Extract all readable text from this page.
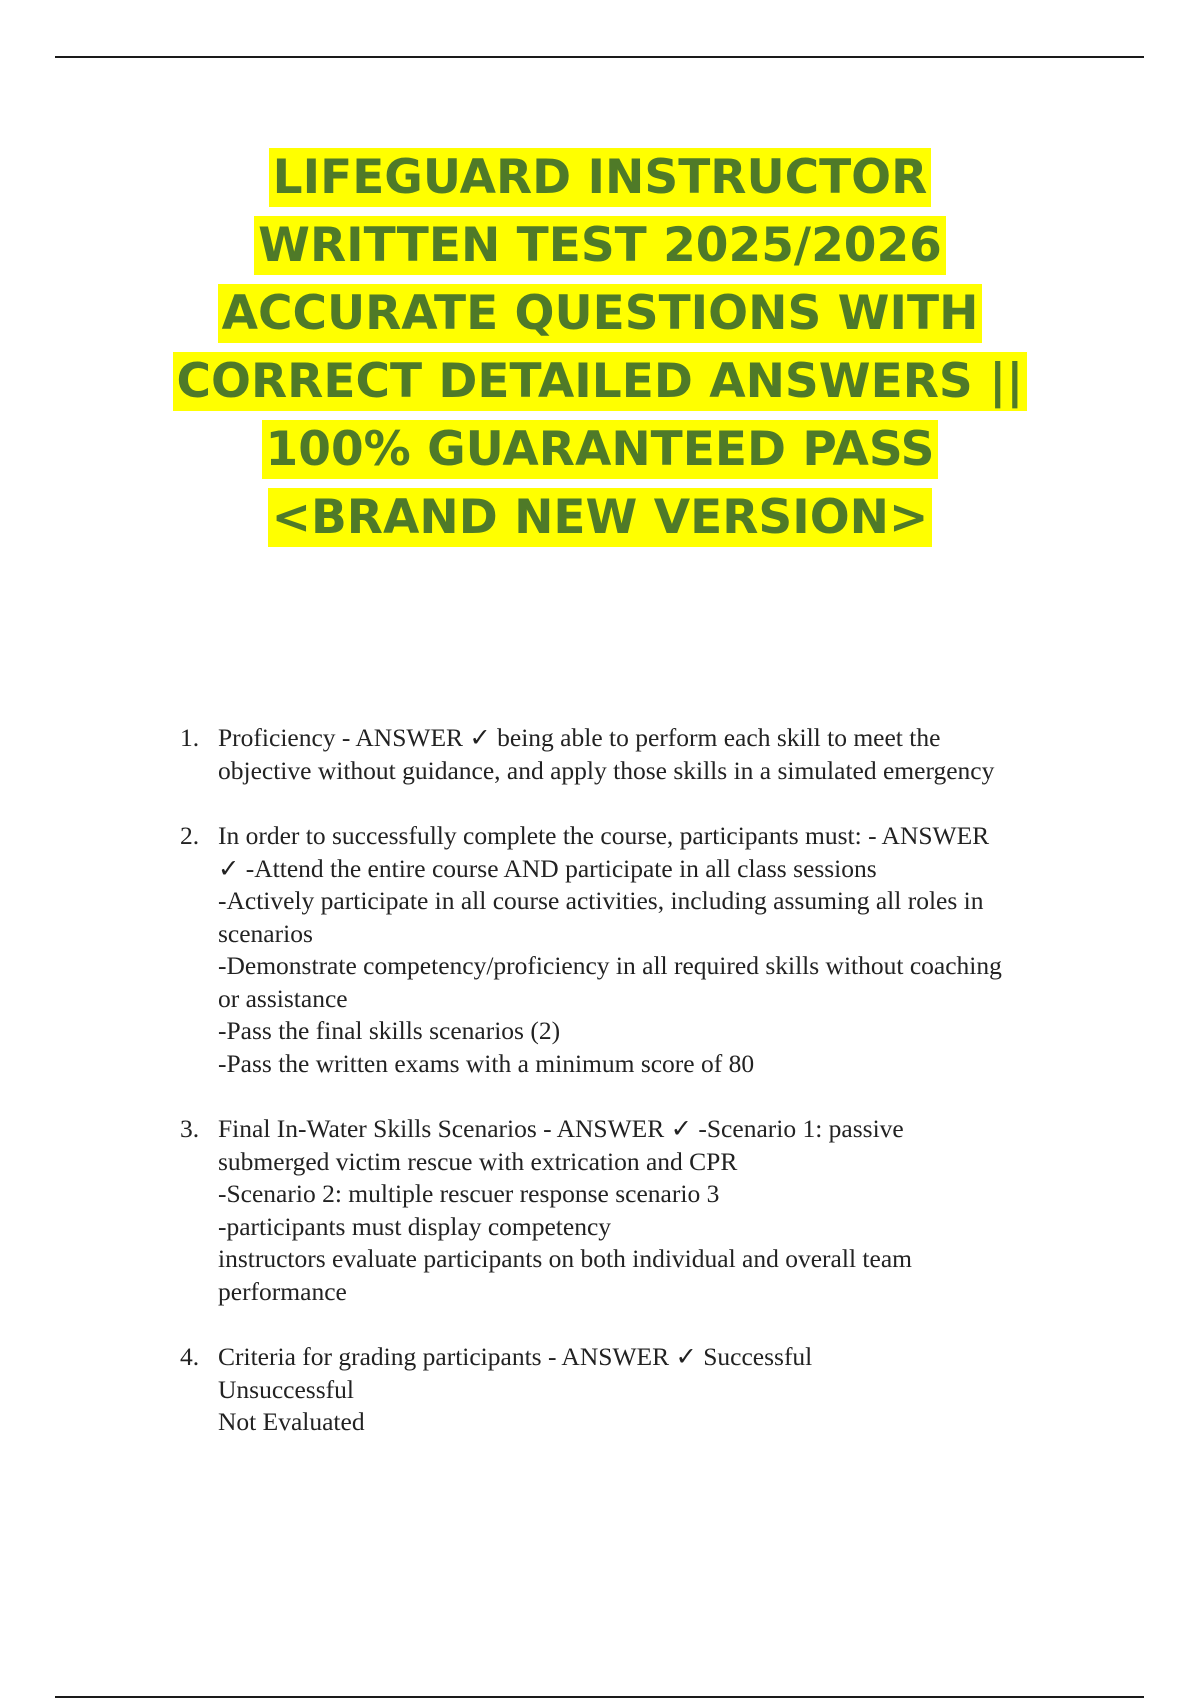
LIFEGUARD INSTRUCTOR
WRITTEN TEST 2025/2026
ACCURATE QUESTIONS WITH
CORRECT DETAILED ANSWERS ||
100% GUARANTEED PASS
<BRAND NEW VERSION>
1. Proficiency - ANSWER ✓ being able to perform each skill to meet the
objective without guidance, and apply those skills in a simulated emergency
2. In order to successfully complete the course, participants must: - ANSWER
✓ -Attend the entire course AND participate in all class sessions
-Actively participate in all course activities, including assuming all roles in
scenarios
-Demonstrate competency/proficiency in all required skills without coaching
or assistance
-Pass the final skills scenarios (2)
-Pass the written exams with a minimum score of 80
3. Final In-Water Skills Scenarios - ANSWER ✓ -Scenario 1: passive
submerged victim rescue with extrication and CPR
-Scenario 2: multiple rescuer response scenario 3
-participants must display competency
instructors evaluate participants on both individual and overall team
performance
4. Criteria for grading participants - ANSWER ✓ Successful
Unsuccessful
Not Evaluated
